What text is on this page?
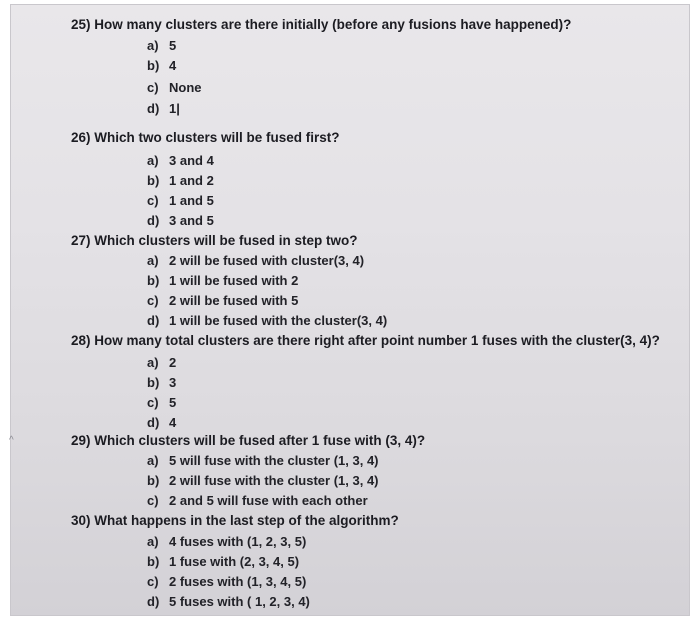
25) How many clusters are there initially (before any fusions have happened)?
a) 5
b) 4
c) None
d) 1|
26) Which two clusters will be fused first?
a) 3 and 4
b) 1 and 2
c) 1 and 5
d) 3 and 5
27) Which clusters will be fused in step two?
a) 2 will be fused with cluster(3, 4)
b) 1 will be fused with 2
c) 2 will be fused with 5
d) 1 will be fused with the cluster(3, 4)
28) How many total clusters are there right after point number 1 fuses with the cluster(3, 4)?
a) 2
b) 3
c) 5
d) 4
^	29) Which clusters will be fused after 1 fuse with (3, 4)?
a) 5 will fuse with the cluster (1, 3, 4)
b) 2 will fuse with the cluster (1, 3, 4)
c) 2 and 5 will fuse with each other
30) What happens in the last step of the algorithm?
a) 4 fuses with (1, 2, 3, 5)
b) 1 fuse with (2, 3, 4, 5)
c) 2 fuses with (1, 3, 4, 5)
d) 5 fuses with ( 1, 2, 3, 4)
